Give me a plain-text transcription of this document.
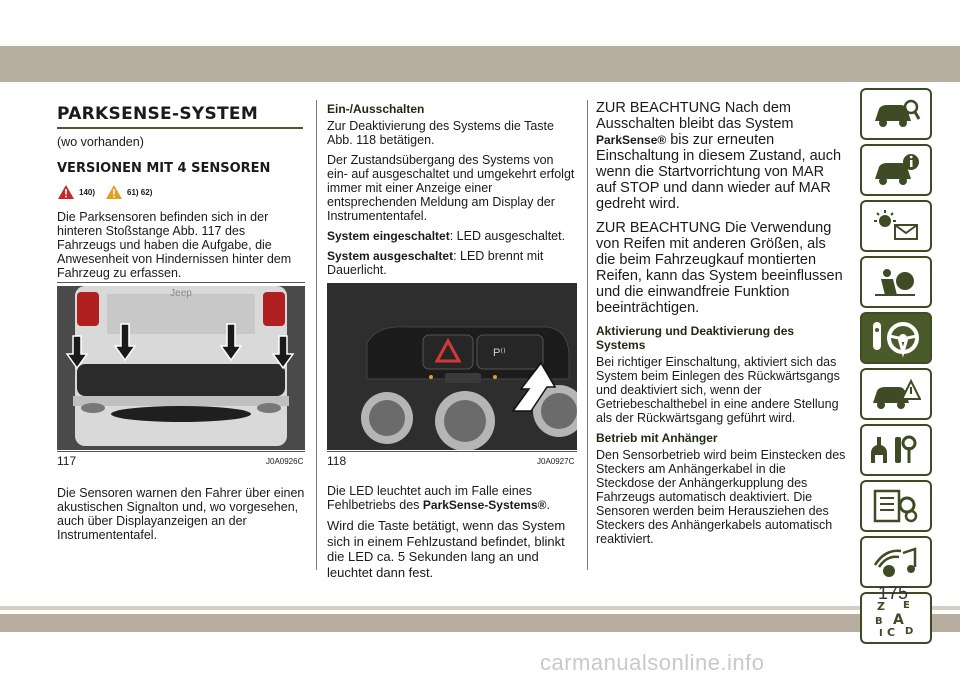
PARKSENSE-SYSTEM

(wo vorhanden)

VERSIONEN MIT 4 SENSOREN
140)	61) 62)

Die Parksensoren befinden sich in der hinteren Stoßstange Abb. 117 des Fahrzeugs und haben die Aufgabe, die Anwesenheit von Hindernissen hinter dem Fahrzeug zu erfassen.

Jeep
117	J0A0926C

Die Sensoren warnen den Fahrer über einen akustischen Signalton und, wo vorgesehen, auch über Displayanzeigen an der Instrumententafel.

Ein-/Ausschalten

Zur Deaktivierung des Systems die Taste Abb. 118 betätigen.

Der Zustandsübergang des Systems von ein- auf ausgeschaltet und umgekehrt erfolgt immer mit einer Anzeige einer entsprechenden Meldung am Display der Instrumententafel.

System eingeschaltet: LED ausgeschaltet.

System ausgeschaltet: LED brennt mit Dauerlicht.

P⁽⁾
118	J0A0927C

Die LED leuchtet auch im Falle eines Fehlbetriebs des ParkSense-Systems®.

Wird die Taste betätigt, wenn das System sich in einem Fehlzustand befindet, blinkt die LED ca. 5 Sekunden lang an und leuchtet dann fest.

ZUR BEACHTUNG Nach dem Ausschalten bleibt das System ParkSense® bis zur erneuten Einschaltung in diesem Zustand, auch wenn die Startvorrichtung von MAR auf STOP und dann wieder auf MAR gedreht wird.

ZUR BEACHTUNG Die Verwendung von Reifen mit anderen Größen, als die beim Fahrzeugkauf montierten Reifen, kann das System beeinflussen und die einwandfreie Funktion beeinträchtigen.

Aktivierung und Deaktivierung des Systems

Bei richtiger Einschaltung, aktiviert sich das System beim Einlegen des Rückwärtsgangs und deaktiviert sich, wenn der Getriebeschalthebel in eine andere Stellung als der Rückwärtsgang geführt wird.

Betrieb mit Anhänger

Den Sensorbetrieb wird beim Einstecken des Steckers am Anhängerkabel in die Steckdose der Anhängerkupplung des Fahrzeugs automatisch deaktiviert. Die Sensoren werden beim Herausziehen des Steckers des Anhängerkabels automatisch reaktiviert.

Z E
B A
I C D
175
carmanualsonline.info
